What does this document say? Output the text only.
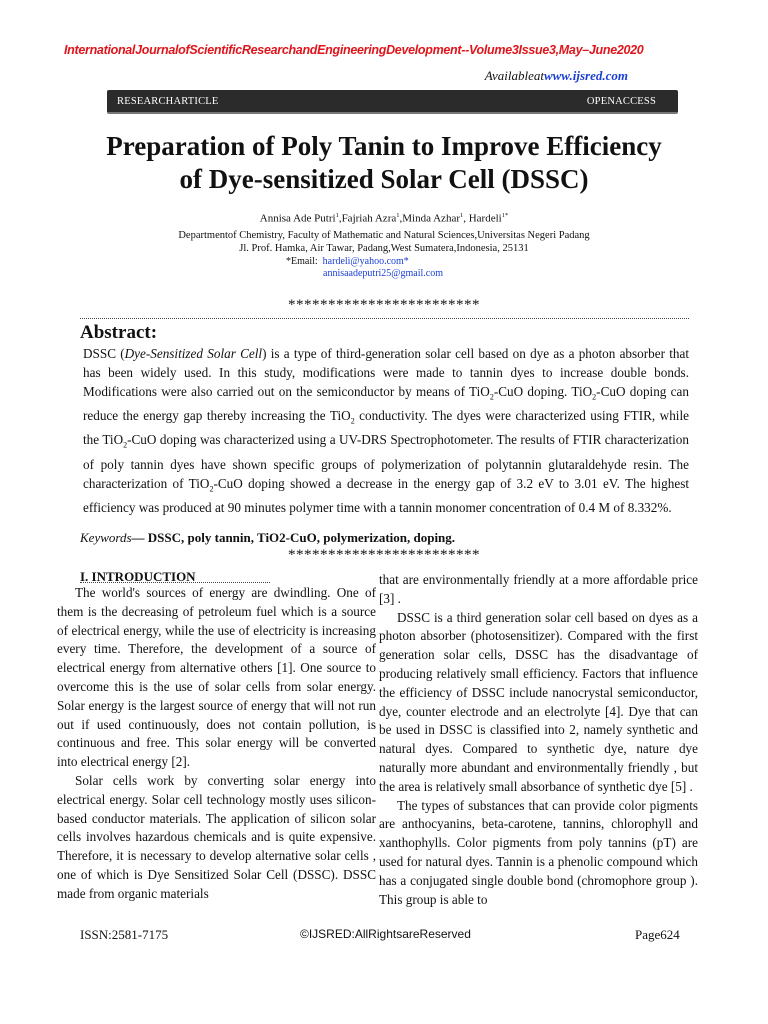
InternationalJournalofScientificResearchandEngineeringDevelopment--Volume3Issue3,May–June2020
Availableatwww.ijsred.com
RESEARCHARTICLE	OPENACCESS
Preparation of Poly Tanin to Improve Efficiency
of Dye-sensitized Solar Cell (DSSC)
Annisa Ade Putri$^1$,Fajriah Azra$^1$,Minda Azhar$^1$, Hardeli$^{1*}$
Departmentof Chemistry, Faculty of Mathematic and Natural Sciences,Universitas Negeri Padang
Jl. Prof. Hamka, Air Tawar, Padang,West Sumatera,Indonesia, 25131
*Email: hardeli@yahoo.com*
annisaadeputri25@gmail.com
************************
Abstract:
DSSC (Dye-Sensitized Solar Cell) is a type of third-generation solar cell based on dye as a photon absorber that has been widely used. In this study, modifications were made to tannin dyes to increase double bonds. Modifications were also carried out on the semiconductor by means of TiO$_2$-CuO doping. TiO$_2$-CuO doping can reduce the energy gap thereby increasing the TiO$_2$ conductivity. The dyes were characterized using FTIR, while the TiO$_2$-CuO doping was characterized using a UV-DRS Spectrophotometer. The results of FTIR characterization of poly tannin dyes have shown specific groups of polymerization of polytannin glutaraldehyde resin. The characterization of TiO$_2$-CuO doping showed a decrease in the energy gap of 3.2 eV to 3.01 eV. The highest efficiency was produced at 90 minutes polymer time with a tannin monomer concentration of 0.4 M of 8.332%.
Keywords— DSSC, poly tannin, TiO2-CuO, polymerization, doping.
************************
I. INTRODUCTION

The world's sources of energy are dwindling. One of them is the decreasing of petroleum fuel which is a source of electrical energy, while the use of electricity is increasing every time. Therefore, the development of a source of electrical energy from alternative others [1]. One source to overcome this is the use of solar cells from solar energy. Solar energy is the largest source of energy that will not run out if used continuously, does not contain pollution, is continuous and free. This solar energy will be converted into electrical energy [2].

Solar cells work by converting solar energy into electrical energy. Solar cell technology mostly uses silicon-based conductor materials. The application of silicon solar cells involves hazardous chemicals and is quite expensive. Therefore, it is necessary to develop alternative solar cells , one of which is Dye Sensitized Solar Cell (DSSC). DSSC made from organic materials

that are environmentally friendly at a more affordable price [3] .

DSSC is a third generation solar cell based on dyes as a photon absorber (photosensitizer). Compared with the first generation solar cells, DSSC has the disadvantage of producing relatively small efficiency. Factors that influence the efficiency of DSSC include nanocrystal semiconductor, dye, counter electrode and an electrolyte [4]. Dye that can be used in DSSC is classified into 2, namely synthetic and natural dyes. Compared to synthetic dye, nature dye naturally more abundant and environmentally friendly , but the area is relatively small absorbance of synthetic dye [5] .

The types of substances that can provide color pigments are anthocyanins, beta-carotene, tannins, chlorophyll and xanthophylls. Color pigments from poly tannins (pT) are used for natural dyes. Tannin is a phenolic compound which has a conjugated single double bond (chromophore group ). This group is able to

ISSN:2581-7175	©IJSRED:AllRightsareReserved	Page624
